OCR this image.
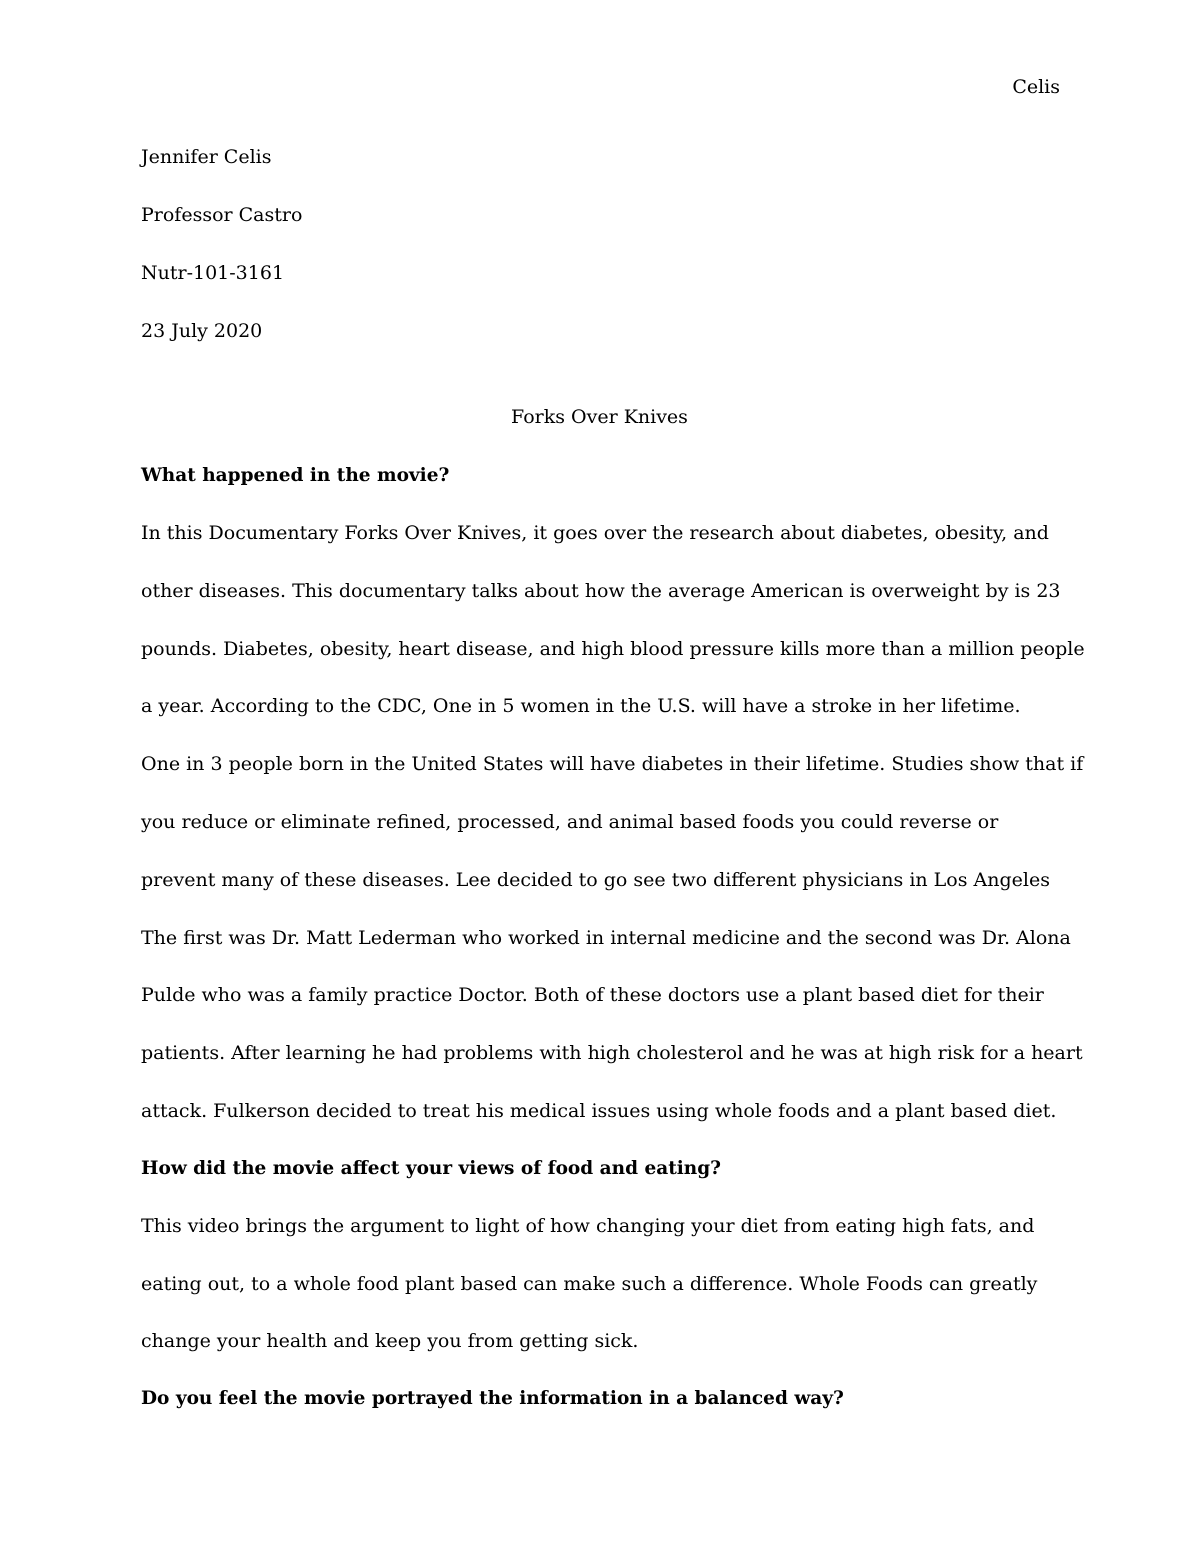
Celis
Jennifer Celis
Professor Castro
Nutr-101-3161
23 July 2020
Forks Over Knives
What happened in the movie?
In this Documentary Forks Over Knives, it goes over the research about diabetes, obesity, and
other diseases. This documentary talks about how the average American is overweight by is 23
pounds. Diabetes, obesity, heart disease, and high blood pressure kills more than a million people
a year. According to the CDC, One in 5 women in the U.S. will have a stroke in her lifetime.
One in 3 people born in the United States will have diabetes in their lifetime. Studies show that if
you reduce or eliminate refined, processed, and animal based foods you could reverse or
prevent many of these diseases. Lee decided to go see two different physicians in Los Angeles
The first was Dr. Matt Lederman who worked in internal medicine and the second was Dr. Alona
Pulde who was a family practice Doctor. Both of these doctors use a plant based diet for their
patients. After learning he had problems with high cholesterol and he was at high risk for a heart
attack. Fulkerson decided to treat his medical issues using whole foods and a plant based diet.
How did the movie affect your views of food and eating?
This video brings the argument to light of how changing your diet from eating high fats, and
eating out, to a whole food plant based can make such a difference. Whole Foods can greatly
change your health and keep you from getting sick.
Do you feel the movie portrayed the information in a balanced way?
